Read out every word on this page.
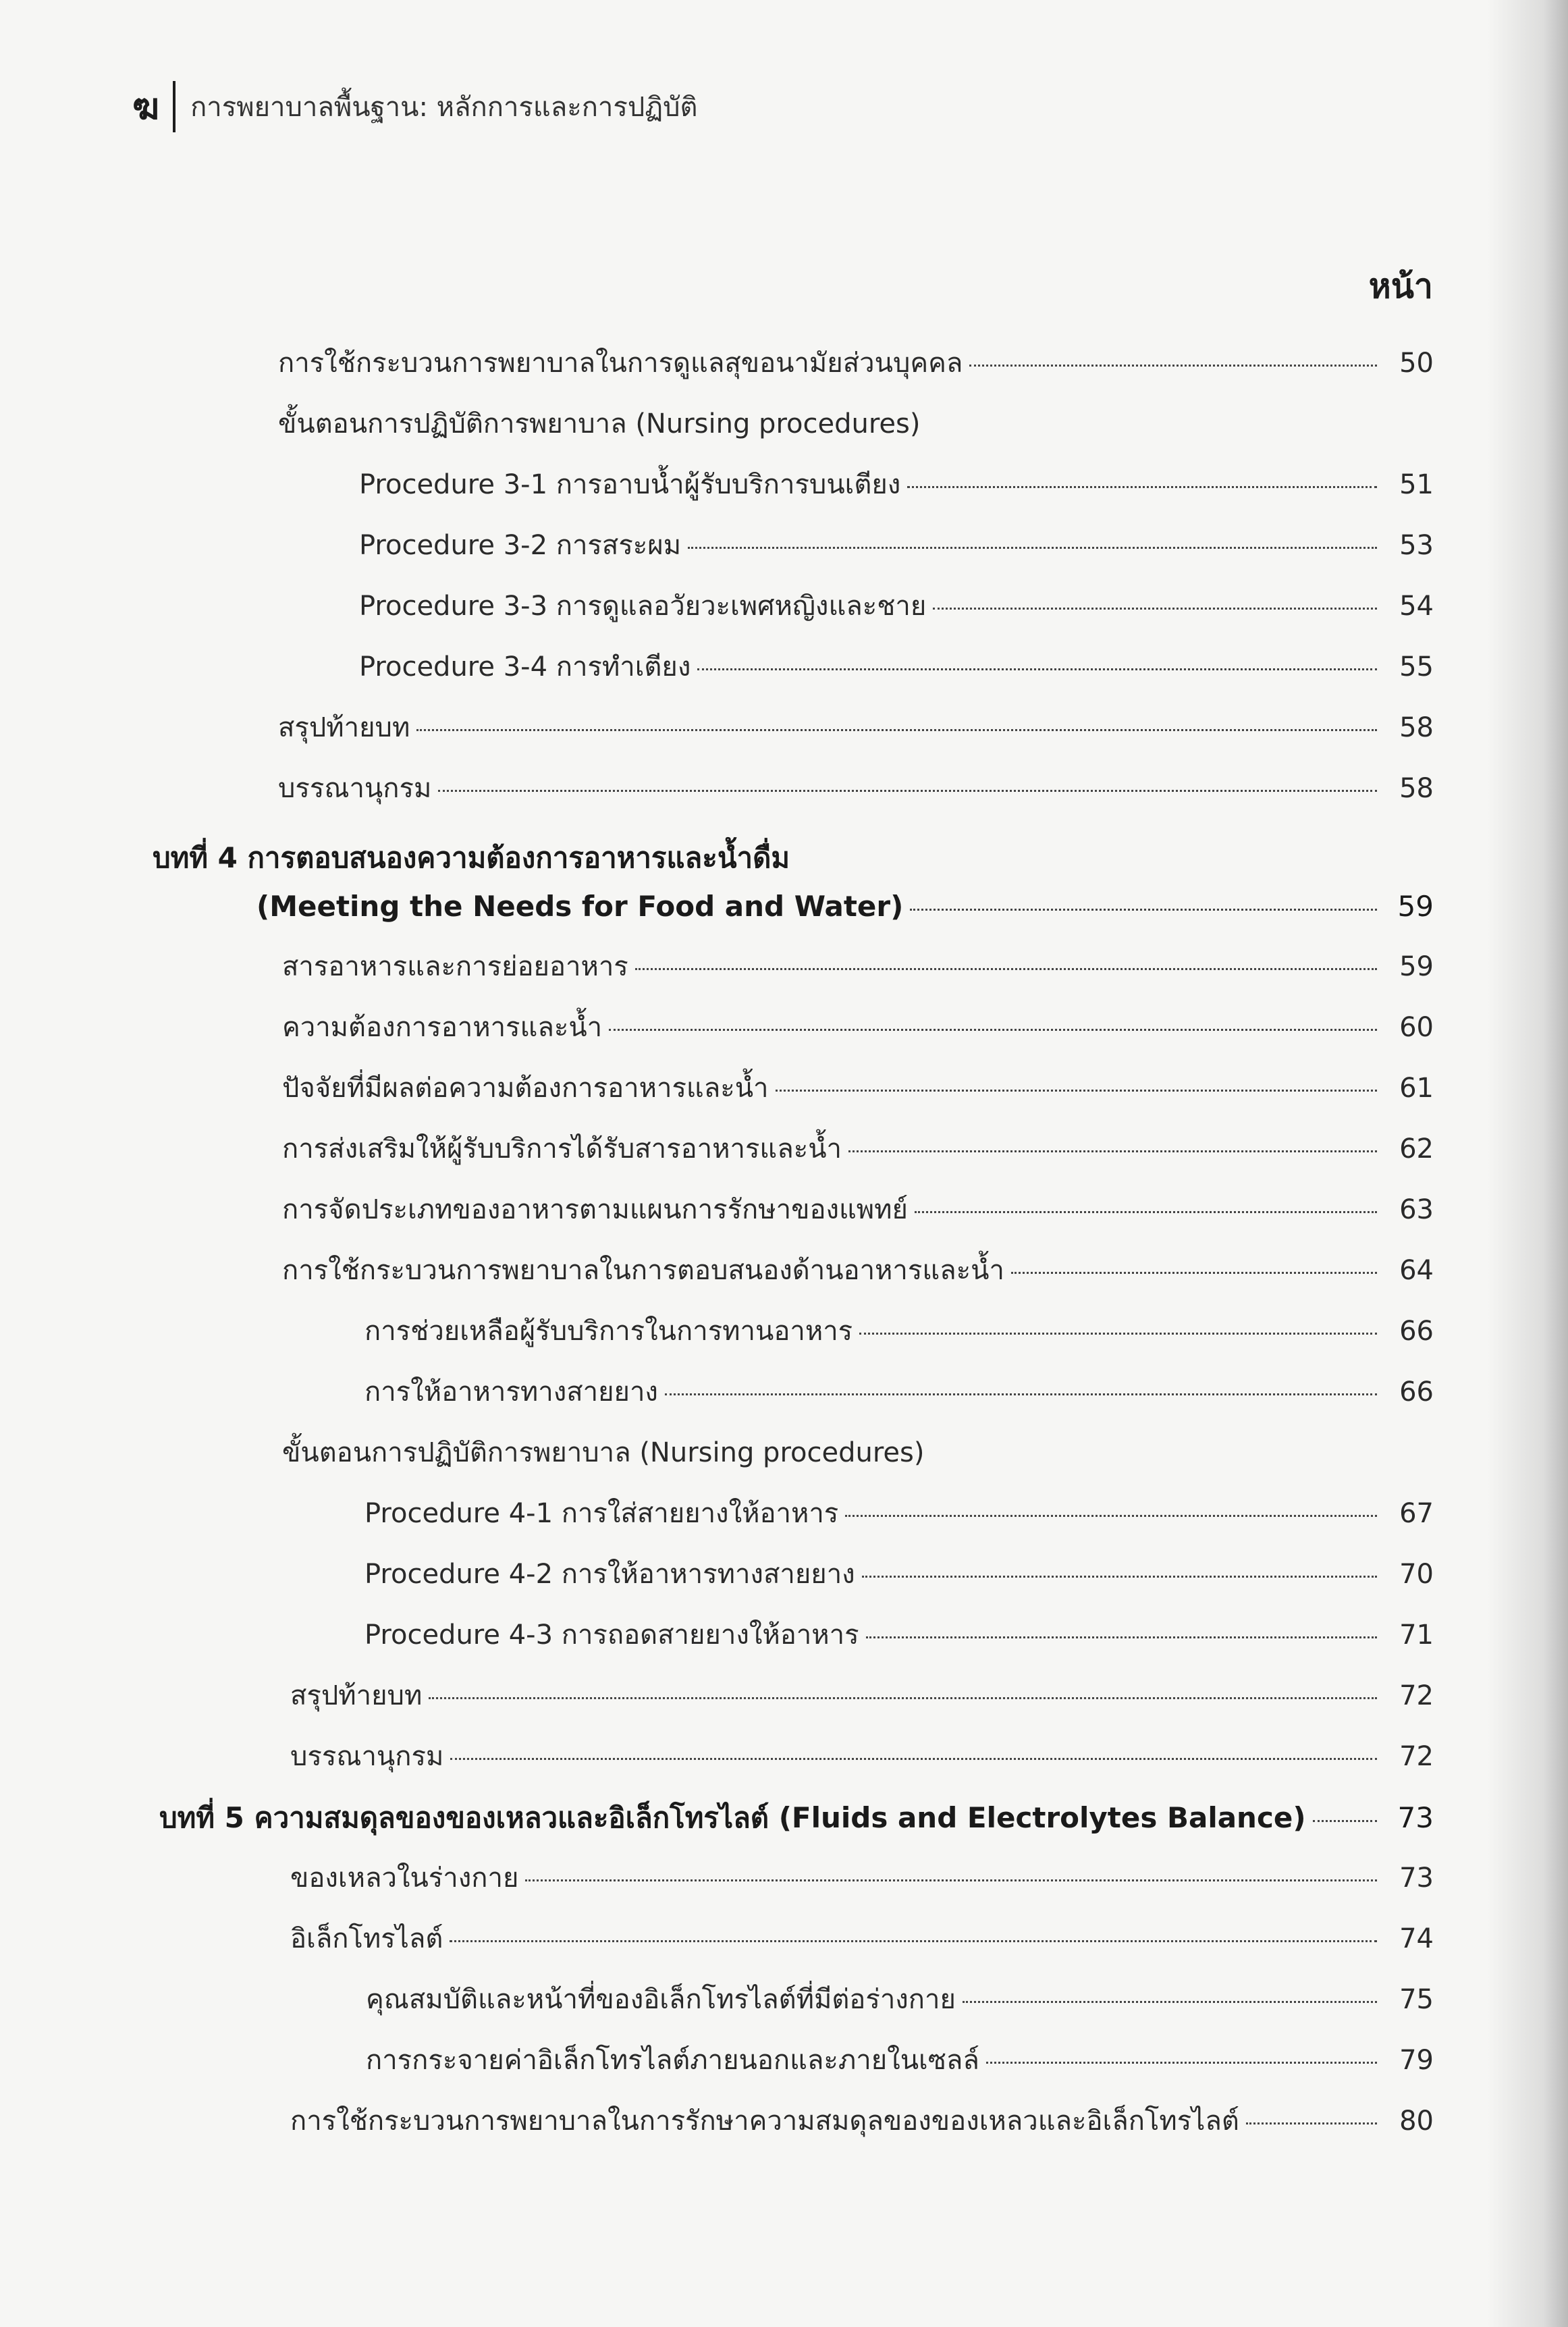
ฆ การพยาบาลพื้นฐาน: หลักการและการปฏิบัติ
หน้า
การใช้กระบวนการพยาบาลในการดูแลสุขอนามัยส่วนบุคคล	50
ขั้นตอนการปฏิบัติการพยาบาล (Nursing procedures)
Procedure 3-1 การอาบน้ำผู้รับบริการบนเตียง	51
Procedure 3-2 การสระผม	53
Procedure 3-3 การดูแลอวัยวะเพศหญิงและชาย	54
Procedure 3-4 การทำเตียง	55
สรุปท้ายบท	58
บรรณานุกรม	58
บทที่ 4 การตอบสนองความต้องการอาหารและน้ำดื่ม
(Meeting the Needs for Food and Water)	59
สารอาหารและการย่อยอาหาร	59
ความต้องการอาหารและน้ำ	60
ปัจจัยที่มีผลต่อความต้องการอาหารและน้ำ	61
การส่งเสริมให้ผู้รับบริการได้รับสารอาหารและน้ำ	62
การจัดประเภทของอาหารตามแผนการรักษาของแพทย์	63
การใช้กระบวนการพยาบาลในการตอบสนองด้านอาหารและน้ำ	64
การช่วยเหลือผู้รับบริการในการทานอาหาร	66
การให้อาหารทางสายยาง	66
ขั้นตอนการปฏิบัติการพยาบาล (Nursing procedures)
Procedure 4-1 การใส่สายยางให้อาหาร	67
Procedure 4-2 การให้อาหารทางสายยาง	70
Procedure 4-3 การถอดสายยางให้อาหาร	71
สรุปท้ายบท	72
บรรณานุกรม	72
บทที่ 5 ความสมดุลของของเหลวและอิเล็กโทรไลต์ (Fluids and Electrolytes Balance)	73
ของเหลวในร่างกาย	73
อิเล็กโทรไลต์	74
คุณสมบัติและหน้าที่ของอิเล็กโทรไลต์ที่มีต่อร่างกาย	75
การกระจายค่าอิเล็กโทรไลต์ภายนอกและภายในเซลล์	79
การใช้กระบวนการพยาบาลในการรักษาความสมดุลของของเหลวและอิเล็กโทรไลต์	80
